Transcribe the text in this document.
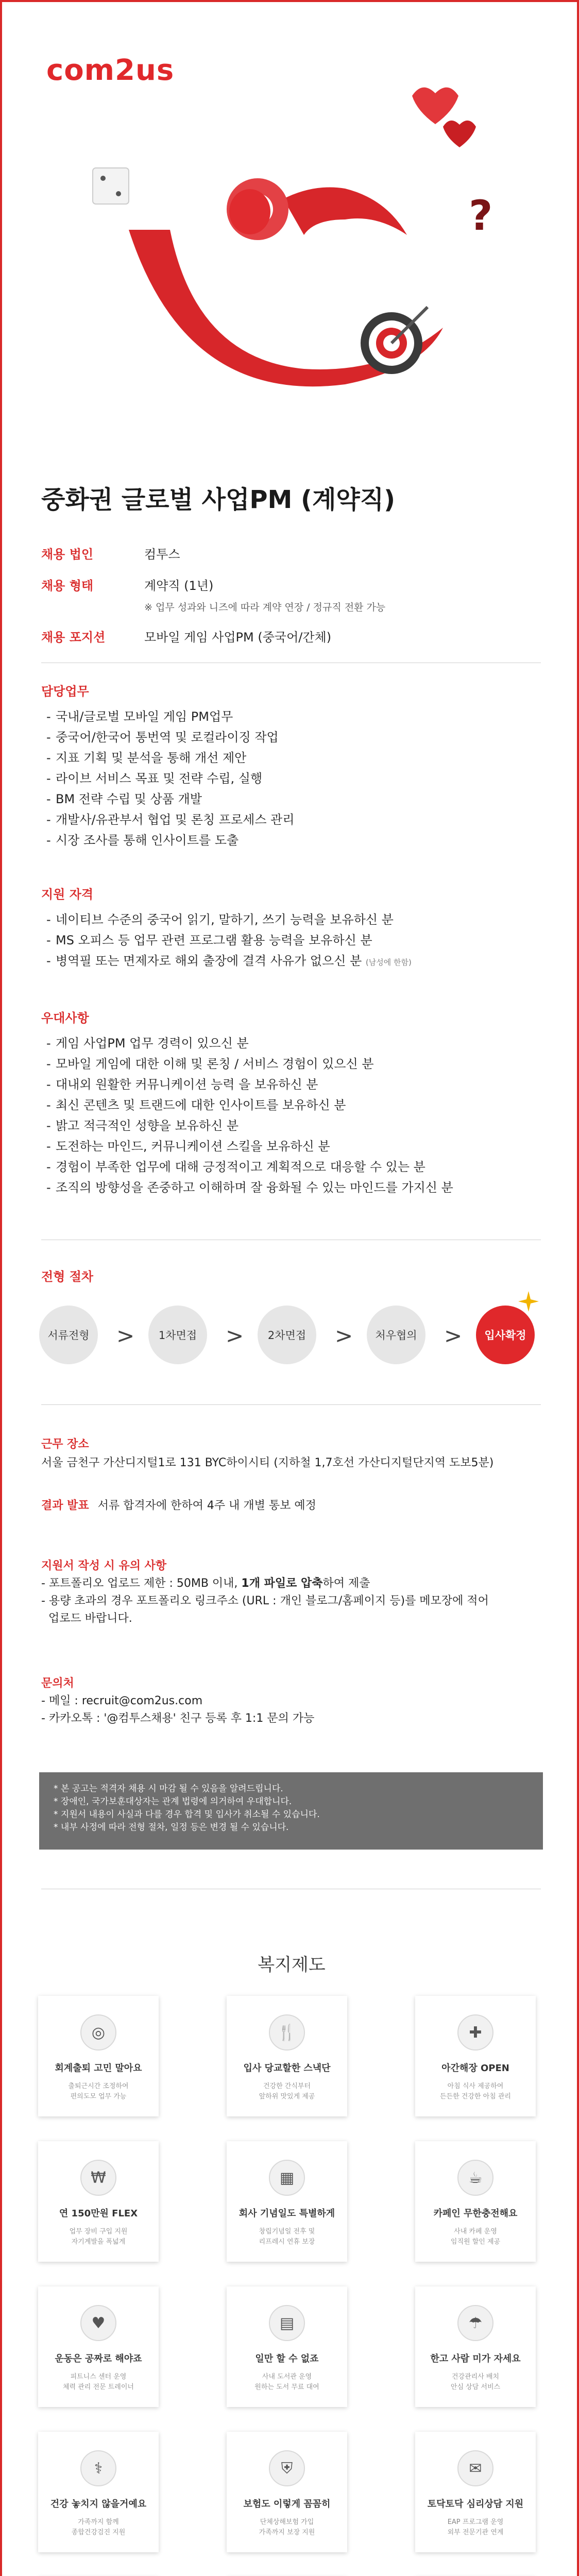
?
com2us
중화권 글로벌 사업PM (계약직)
채용 법인	컴투스
채용 형태	계약직 (1년)
※ 업무 성과와 니즈에 따라 계약 연장 / 정규직 전환 가능
채용 포지션	모바일 게임 사업PM (중국어/간체)
담당업무
- 국내/글로벌 모바일 게임 PM업무
- 중국어/한국어 통번역 및 로컬라이징 작업
- 지표 기획 및 분석을 통해 개선 제안
- 라이브 서비스 목표 및 전략 수립, 실행
- BM 전략 수립 및 상품 개발
- 개발사/유관부서 협업 및 론칭 프로세스 관리
- 시장 조사를 통해 인사이트를 도출
지원 자격
- 네이티브 수준의 중국어 읽기, 말하기, 쓰기 능력을 보유하신 분
- MS 오피스 등 업무 관련 프로그램 활용 능력을 보유하신 분
- 병역필 또는 면제자로 해외 출장에 결격 사유가 없으신 분 (남성에 한함)
우대사항
- 게임 사업PM 업무 경력이 있으신 분
- 모바일 게임에 대한 이해 및 론칭 / 서비스 경험이 있으신 분
- 대내외 원활한 커뮤니케이션 능력 을 보유하신 분
- 최신 콘텐츠 및 트랜드에 대한 인사이트를 보유하신 분
- 밝고 적극적인 성향을 보유하신 분
- 도전하는 마인드, 커뮤니케이션 스킬을 보유하신 분
- 경험이 부족한 업무에 대해 긍정적이고 계획적으로 대응할 수 있는 분
- 조직의 방향성을 존중하고 이해하며 잘 융화될 수 있는 마인드를 가지신 분
전형 절차
서류전형	>	1차면접	>	2차면접	>	처우협의	>	입사확정
근무 장소
서울 금천구 가산디지털1로 131 BYC하이시티 (지하철 1,7호선 가산디지털단지역 도보5분)
결과 발표 서류 합격자에 한하여 4주 내 개별 통보 예정
지원서 작성 시 유의 사항
- 포트폴리오 업로드 제한 : 50MB 이내, 1개 파일로 압축하여 제출
- 용량 초과의 경우 포트폴리오 링크주소 (URL : 개인 블로그/홈페이지 등)를 메모장에 적어
업로드 바랍니다.
문의처
- 메일 : recruit@com2us.com
- 카카오톡 : '@컴투스채용' 친구 등록 후 1:1 문의 가능

* 본 공고는 적격자 채용 시 마감 될 수 있음을 알려드립니다.

* 장애인, 국가보훈대상자는 관계 법령에 의거하여 우대합니다.

* 지원서 내용이 사실과 다를 경우 합격 및 입사가 취소될 수 있습니다.

* 내부 사정에 따라 전형 절차, 일정 등은 변경 될 수 있습니다.

복지제도
◎
회계출퇴 고민 말아요
출퇴근시간 조정하여
편의도모 업무 가능
🍴
입사 당교할한 스낵단
건강한 간식부터
앞하위 맛있게 제공
✚
아간해장 OPEN
아침 식사 제공하여
든든한 건강한 아침 관리
₩
연 150만원 FLEX
업무 장비 구입 지원
자기계발을 폭넓게
▦
회사 기념일도 특별하게
창립기념일 전후 및
리프레시 연휴 보장
☕
카페인 무한충전해요
사내 카페 운영
임직원 할인 제공
♥
운동은 공짜로 해야죠
피트니스 센터 운영
체력 관리 전문 트레이너
▤
일만 할 수 없죠
사내 도서관 운영
원하는 도서 무료 대여
☂
한고 사람 미가 자세요
건강관리사 배치
안심 상담 서비스
⚕
건강 놓치지 않을거예요
가족까지 함께
종합건강검진 지원
⛨
보험도 이렇게 꼼꼼히
단체상해보험 가입
가족까지 보장 지원
✉
토닥토닥 심리상담 지원
EAP 프로그램 운영
외부 전문기관 연계
